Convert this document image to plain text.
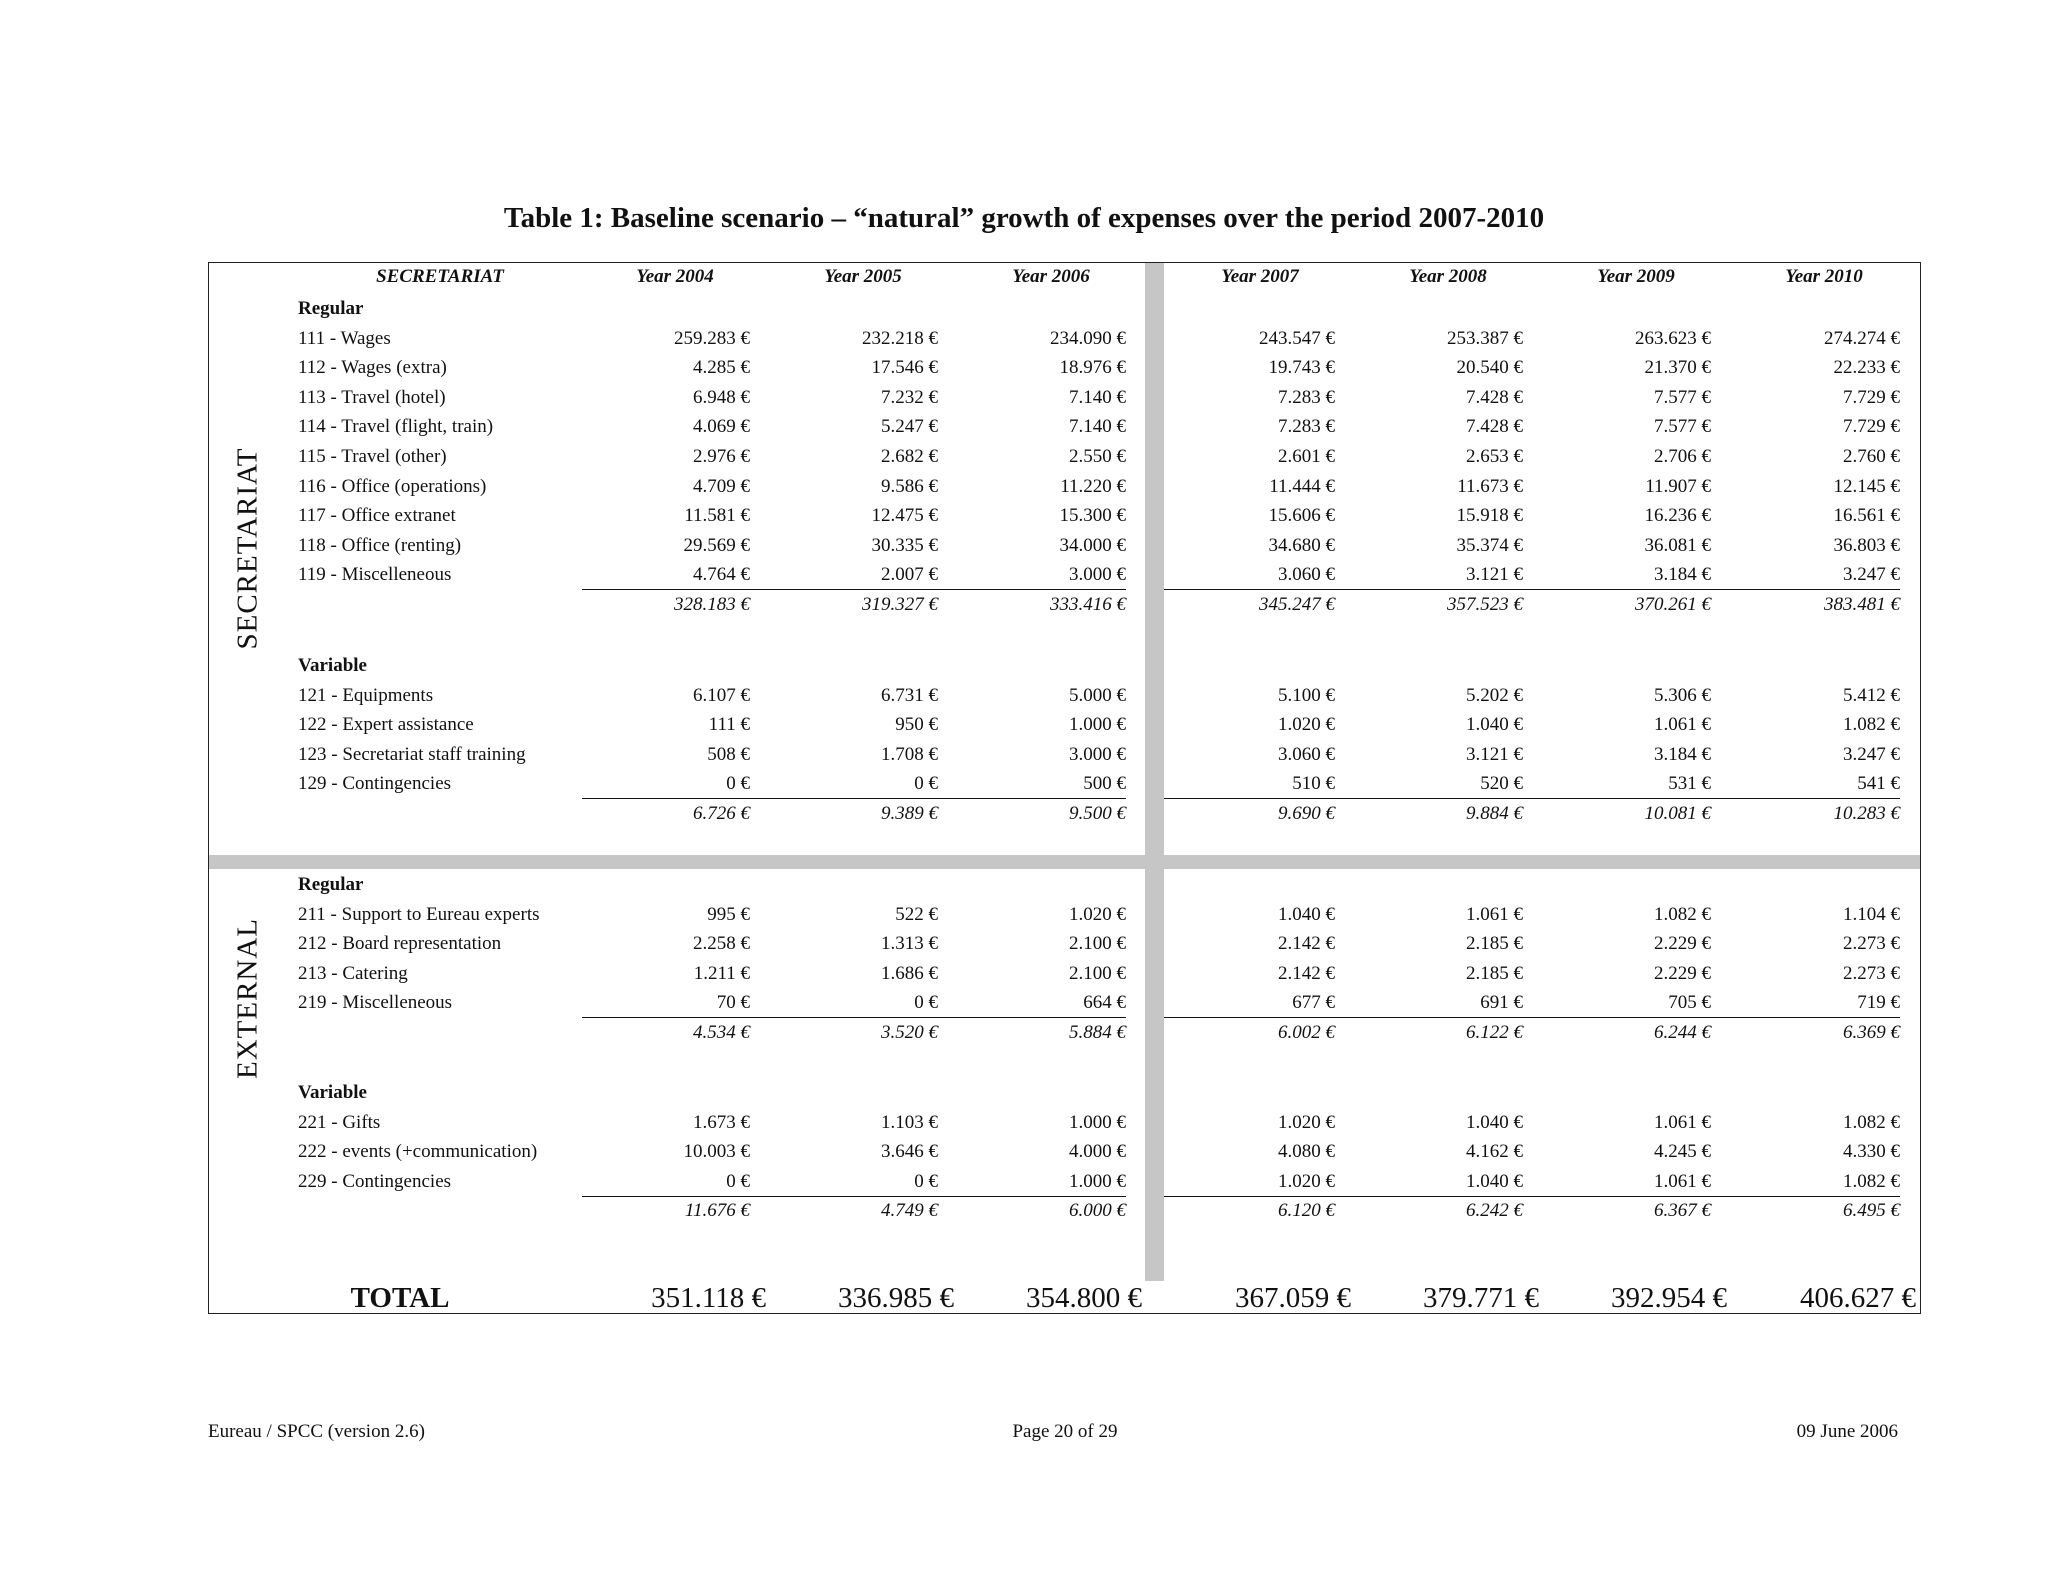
Table 1: Baseline scenario – “natural” growth of expenses over the period 2007-2010
SECRETARIAT	Year 2004	Year 2005	Year 2006	Year 2007	Year 2008	Year 2009	Year 2010
SECRETARIAT
Regular
111 - Wages	259.283 €	232.218 €	234.090 €	243.547 €	253.387 €	263.623 €	274.274 €
112 - Wages (extra)	4.285 €	17.546 €	18.976 €	19.743 €	20.540 €	21.370 €	22.233 €
113 - Travel (hotel)	6.948 €	7.232 €	7.140 €	7.283 €	7.428 €	7.577 €	7.729 €
114 - Travel (flight, train)	4.069 €	5.247 €	7.140 €	7.283 €	7.428 €	7.577 €	7.729 €
115 - Travel (other)	2.976 €	2.682 €	2.550 €	2.601 €	2.653 €	2.706 €	2.760 €
116 - Office (operations)	4.709 €	9.586 €	11.220 €	11.444 €	11.673 €	11.907 €	12.145 €
117 - Office extranet	11.581 €	12.475 €	15.300 €	15.606 €	15.918 €	16.236 €	16.561 €
118 - Office (renting)	29.569 €	30.335 €	34.000 €	34.680 €	35.374 €	36.081 €	36.803 €
119 - Miscelleneous	4.764 €	2.007 €	3.000 €	3.060 €	3.121 €	3.184 €	3.247 €
328.183 €	319.327 €	333.416 €	345.247 €	357.523 €	370.261 €	383.481 €
Variable
121 - Equipments	6.107 €	6.731 €	5.000 €	5.100 €	5.202 €	5.306 €	5.412 €
122 - Expert assistance	111 €	950 €	1.000 €	1.020 €	1.040 €	1.061 €	1.082 €
123 - Secretariat staff training	508 €	1.708 €	3.000 €	3.060 €	3.121 €	3.184 €	3.247 €
129 - Contingencies	0 €	0 €	500 €	510 €	520 €	531 €	541 €
6.726 €	9.389 €	9.500 €	9.690 €	9.884 €	10.081 €	10.283 €
EXTERNAL
Regular
211 - Support to Eureau experts	995 €	522 €	1.020 €	1.040 €	1.061 €	1.082 €	1.104 €
212 - Board representation	2.258 €	1.313 €	2.100 €	2.142 €	2.185 €	2.229 €	2.273 €
213 - Catering	1.211 €	1.686 €	2.100 €	2.142 €	2.185 €	2.229 €	2.273 €
219 - Miscelleneous	70 €	0 €	664 €	677 €	691 €	705 €	719 €
4.534 €	3.520 €	5.884 €	6.002 €	6.122 €	6.244 €	6.369 €
Variable
221 - Gifts	1.673 €	1.103 €	1.000 €	1.020 €	1.040 €	1.061 €	1.082 €
222 - events (+communication)	10.003 €	3.646 €	4.000 €	4.080 €	4.162 €	4.245 €	4.330 €
229 - Contingencies	0 €	0 €	1.000 €	1.020 €	1.040 €	1.061 €	1.082 €
11.676 €	4.749 €	6.000 €	6.120 €	6.242 €	6.367 €	6.495 €
TOTAL	351.118 €	336.985 €	354.800 €	367.059 €	379.771 €	392.954 €	406.627 €
Eureau / SPCC (version 2.6)	Page 20 of 29	09 June 2006
